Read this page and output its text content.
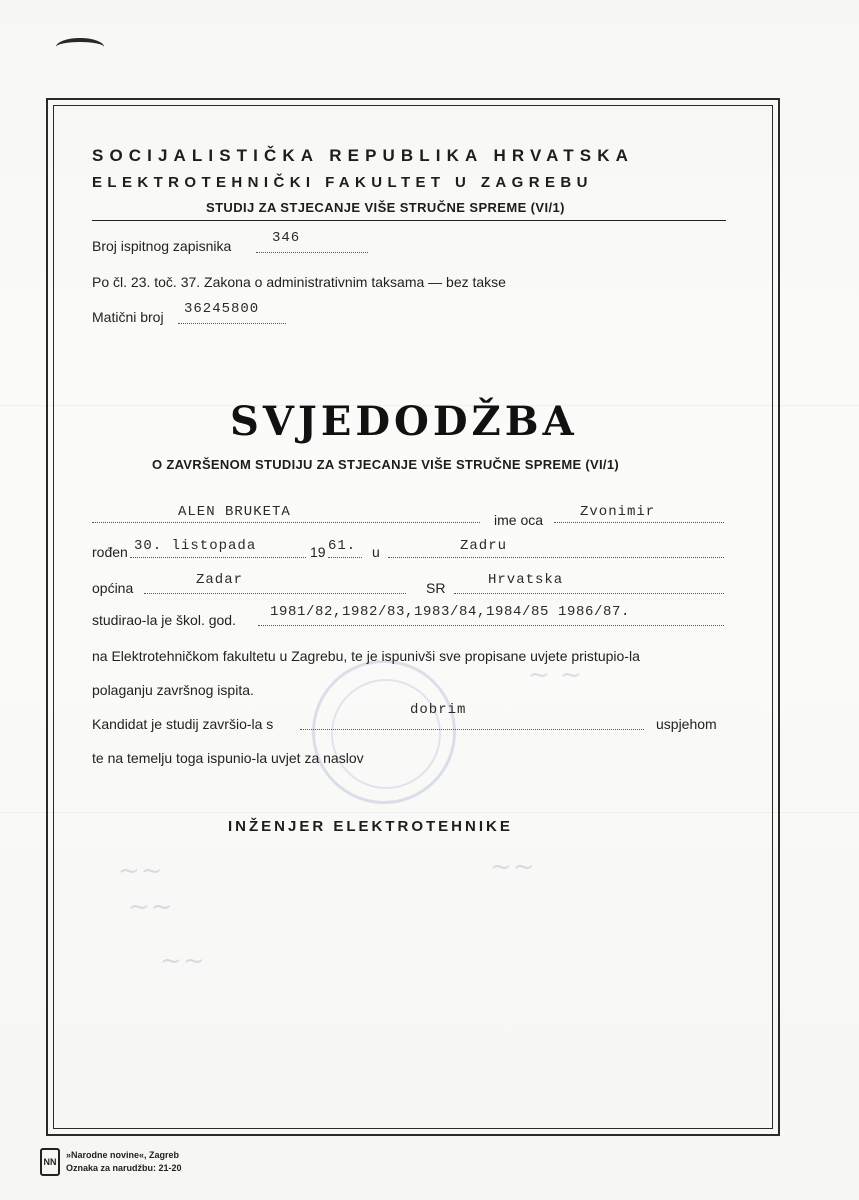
~ ~
~~
~~
~~
~~
SOCIJALISTIČKA REPUBLIKA HRVATSKA
ELEKTROTEHNIČKI FAKULTET U ZAGREBU
STUDIJ ZA STJECANJE VIŠE STRUČNE SPREME (VI/1)
Broj ispitnog zapisnika	346
Po čl. 23. toč. 37. Zakona o administrativnim taksama — bez takse
Matični broj 36245800
SVJEDODŽBA
O ZAVRŠENOM STUDIJU ZA STJECANJE VIŠE STRUČNE SPREME (VI/1)
ALEN BRUKETA	ime oca	Zvonimir
rođen 30. listopada	19 61. u	Zadru
općina	Zadar	SR	Hrvatska
studirao-la je škol. god. 1981/82,1982/83,1983/84,1984/85 1986/87.
na Elektrotehničkom fakultetu u Zagrebu, te je ispunivši sve propisane uvjete pristupio-la
polaganju završnog ispita.
Kandidat je studij završio-la s
dobrim
uspjehom
te na temelju toga ispunio-la uvjet za naslov
INŽENJER ELEKTROTEHNIKE
NN
»Narodne novine«, Zagreb
Oznaka za narudžbu: 21-20
